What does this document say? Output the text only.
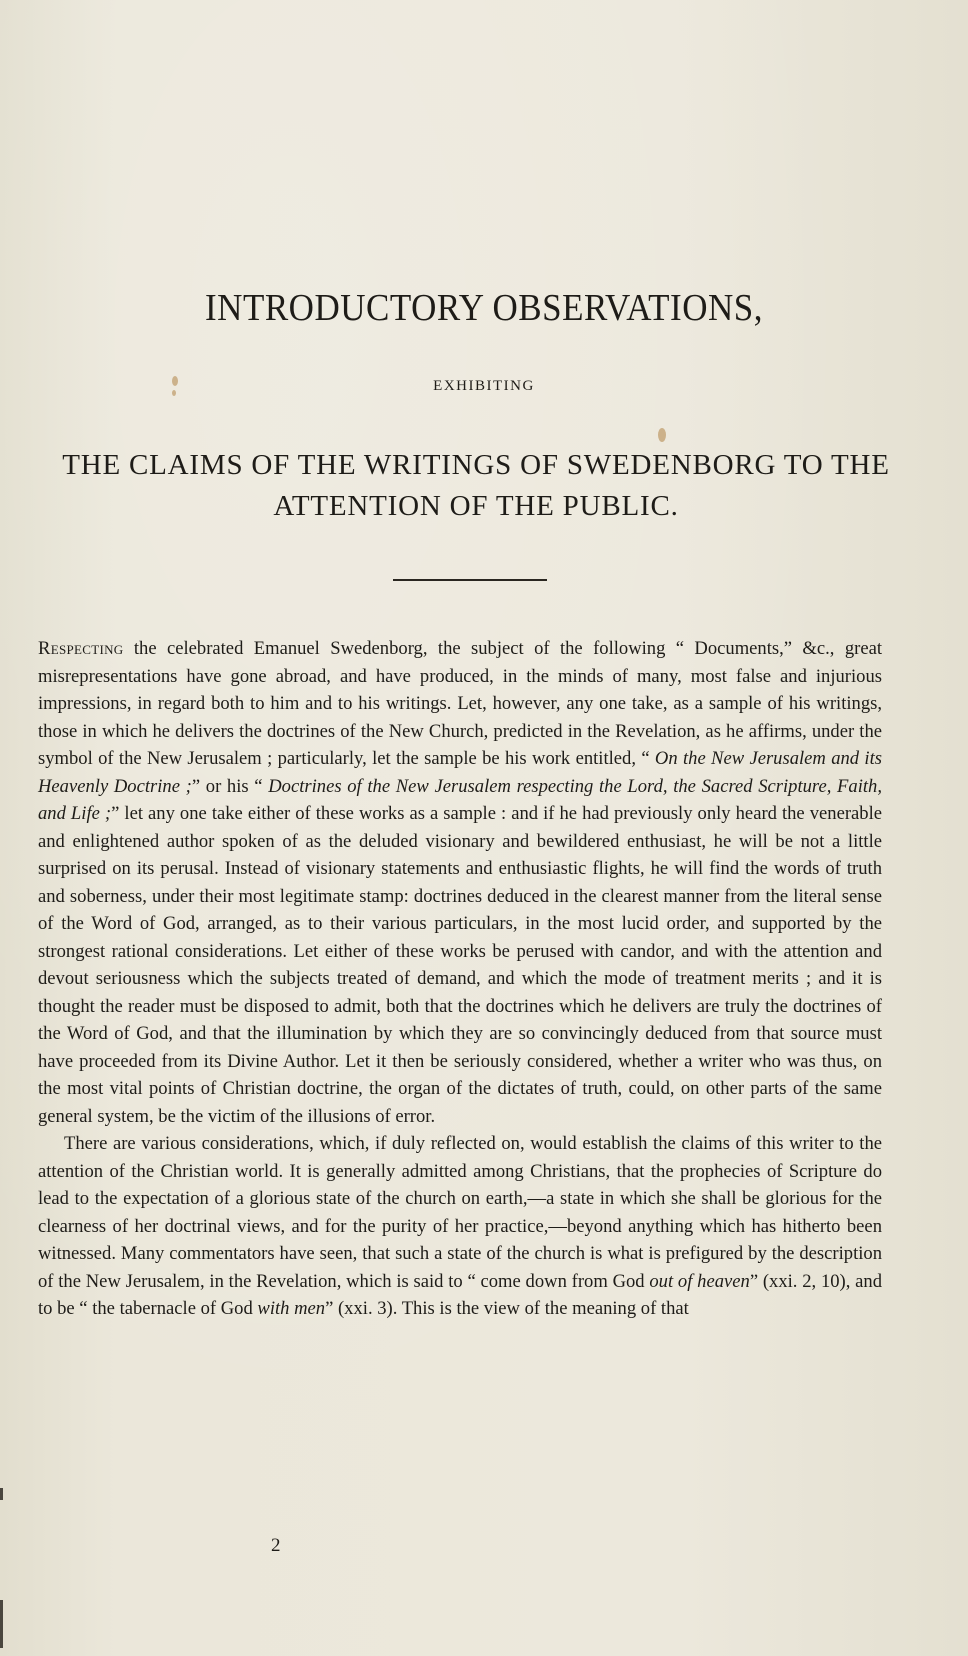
INTRODUCTORY OBSERVATIONS,

EXHIBITING

THE CLAIMS OF THE WRITINGS OF SWEDENBORG TO THE ATTENTION OF THE PUBLIC.

Respecting the celebrated Emanuel Swedenborg, the subject of the following “ Documents,” &c., great misrepresentations have gone abroad, and have produced, in the minds of many, most false and injurious impressions, in regard both to him and to his writings. Let, however, any one take, as a sample of his writings, those in which he delivers the doctrines of the New Church, predicted in the Revelation, as he affirms, under the symbol of the New Jerusalem ; particularly, let the sample be his work entitled, “ On the New Jerusalem and its Heavenly Doctrine ;” or his “ Doctrines of the New Jerusalem respecting the Lord, the Sacred Scripture, Faith, and Life ;” let any one take either of these works as a sample : and if he had previously only heard the venerable and enlightened author spoken of as the deluded visionary and bewildered enthusiast, he will be not a little surprised on its perusal. Instead of visionary statements and enthusiastic flights, he will find the words of truth and soberness, under their most legitimate stamp: doctrines deduced in the clearest manner from the literal sense of the Word of God, arranged, as to their various particulars, in the most lucid order, and supported by the strongest rational considerations. Let either of these works be perused with candor, and with the attention and devout seriousness which the subjects treated of demand, and which the mode of treatment merits ; and it is thought the reader must be disposed to admit, both that the doctrines which he delivers are truly the doctrines of the Word of God, and that the illumination by which they are so convincingly deduced from that source must have proceeded from its Divine Author. Let it then be seriously considered, whether a writer who was thus, on the most vital points of Christian doctrine, the organ of the dictates of truth, could, on other parts of the same general system, be the victim of the illusions of error.

There are various considerations, which, if duly reflected on, would establish the claims of this writer to the attention of the Christian world. It is generally admitted among Christians, that the prophecies of Scripture do lead to the expectation of a glorious state of the church on earth,—a state in which she shall be glorious for the clearness of her doctrinal views, and for the purity of her practice,—beyond anything which has hitherto been witnessed. Many commentators have seen, that such a state of the church is what is prefigured by the description of the New Jerusalem, in the Revelation, which is said to “ come down from God out of heaven” (xxi. 2, 10), and to be “ the tabernacle of God with men” (xxi. 3). This is the view of the meaning of that

2
